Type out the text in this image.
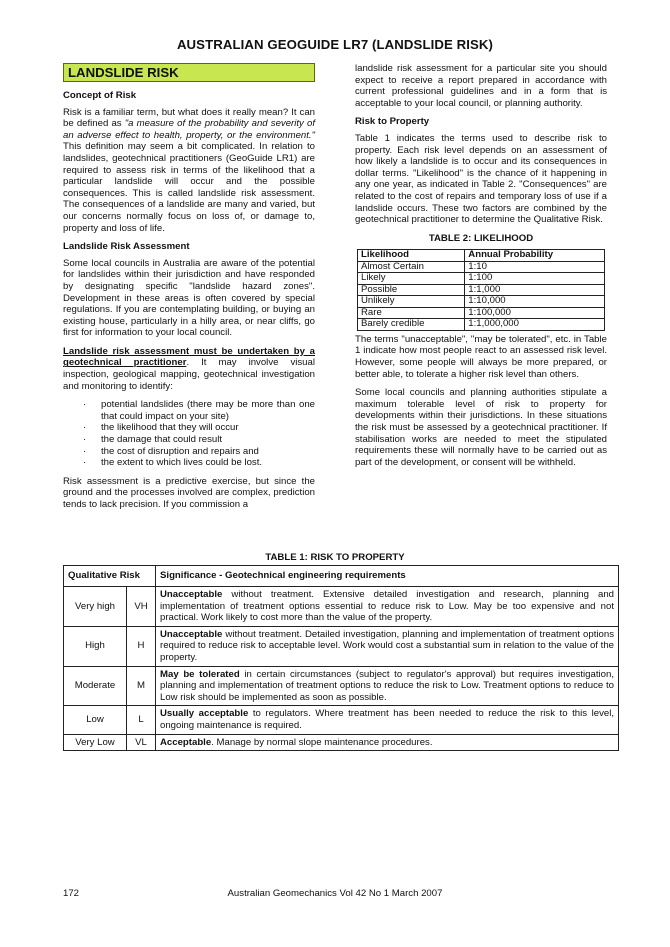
AUSTRALIAN GEOGUIDE LR7 (LANDSLIDE RISK)
LANDSLIDE RISK
Concept of Risk

Risk is a familiar term, but what does it really mean? It can be defined as "a measure of the probability and severity of an adverse effect to health, property, or the environment." This definition may seem a bit complicated. In relation to landslides, geotechnical practitioners (GeoGuide LR1) are required to assess risk in terms of the likelihood that a particular landslide will occur and the possible consequences. This is called landslide risk assessment. The consequences of a landslide are many and varied, but our concerns normally focus on loss of, or damage to, property and loss of life.

Landslide Risk Assessment

Some local councils in Australia are aware of the potential for landslides within their jurisdiction and have responded by designating specific "landslide hazard zones". Development in these areas is often covered by special regulations. If you are contemplating building, or buying an existing house, particularly in a hilly area, or near cliffs, go first for information to your local council.

Landslide risk assessment must be undertaken by a geotechnical practitioner. It may involve visual inspection, geological mapping, geotechnical investigation and monitoring to identify:

· potential landslides (there may be more than one that could impact on your site)
· the likelihood that they will occur
· the damage that could result
· the cost of disruption and repairs and
· the extent to which lives could be lost.

Risk assessment is a predictive exercise, but since the ground and the processes involved are complex, prediction tends to lack precision. If you commission a

landslide risk assessment for a particular site you should expect to receive a report prepared in accordance with current professional guidelines and in a form that is acceptable to your local council, or planning authority.

Risk to Property

Table 1 indicates the terms used to describe risk to property. Each risk level depends on an assessment of how likely a landslide is to occur and its consequences in dollar terms. "Likelihood" is the chance of it happening in any one year, as indicated in Table 2. "Consequences" are related to the cost of repairs and temporary loss of use if a landslide occurs. These two factors are combined by the geotechnical practitioner to determine the Qualitative Risk.

TABLE 2: LIKELIHOOD
Likelihood	Annual Probability
Almost Certain	1:10
Likely	1:100
Possible	1:1,000
Unlikely	1:10,000
Rare	1:100,000
Barely credible	1:1,000,000

The terms "unacceptable", "may be tolerated", etc. in Table 1 indicate how most people react to an assessed risk level. However, some people will always be more prepared, or better able, to tolerate a higher risk level than others.

Some local councils and planning authorities stipulate a maximum tolerable level of risk to property for developments within their jurisdictions. In these situations the risk must be assessed by a geotechnical practitioner. If stabilisation works are needed to meet the stipulated requirements these will normally have to be carried out as part of the development, or consent will be withheld.

TABLE 1: RISK TO PROPERTY
Qualitative Risk		Significance - Geotechnical engineering requirements
Very high	VH	Unacceptable without treatment. Extensive detailed investigation and research, planning and implementation of treatment options essential to reduce risk to Low. May be too expensive and not practical. Work likely to cost more than the value of the property.
High	H	Unacceptable without treatment. Detailed investigation, planning and implementation of treatment options required to reduce risk to acceptable level. Work would cost a substantial sum in relation to the value of the property.
Moderate	M	May be tolerated in certain circumstances (subject to regulator's approval) but requires investigation, planning and implementation of treatment options to reduce the risk to Low. Treatment options to reduce to Low risk should be implemented as soon as possible.
Low	L	Usually acceptable to regulators. Where treatment has been needed to reduce the risk to this level, ongoing maintenance is required.
Very Low	VL	Acceptable. Manage by normal slope maintenance procedures.
172	Australian Geomechanics Vol 42 No 1 March 2007
